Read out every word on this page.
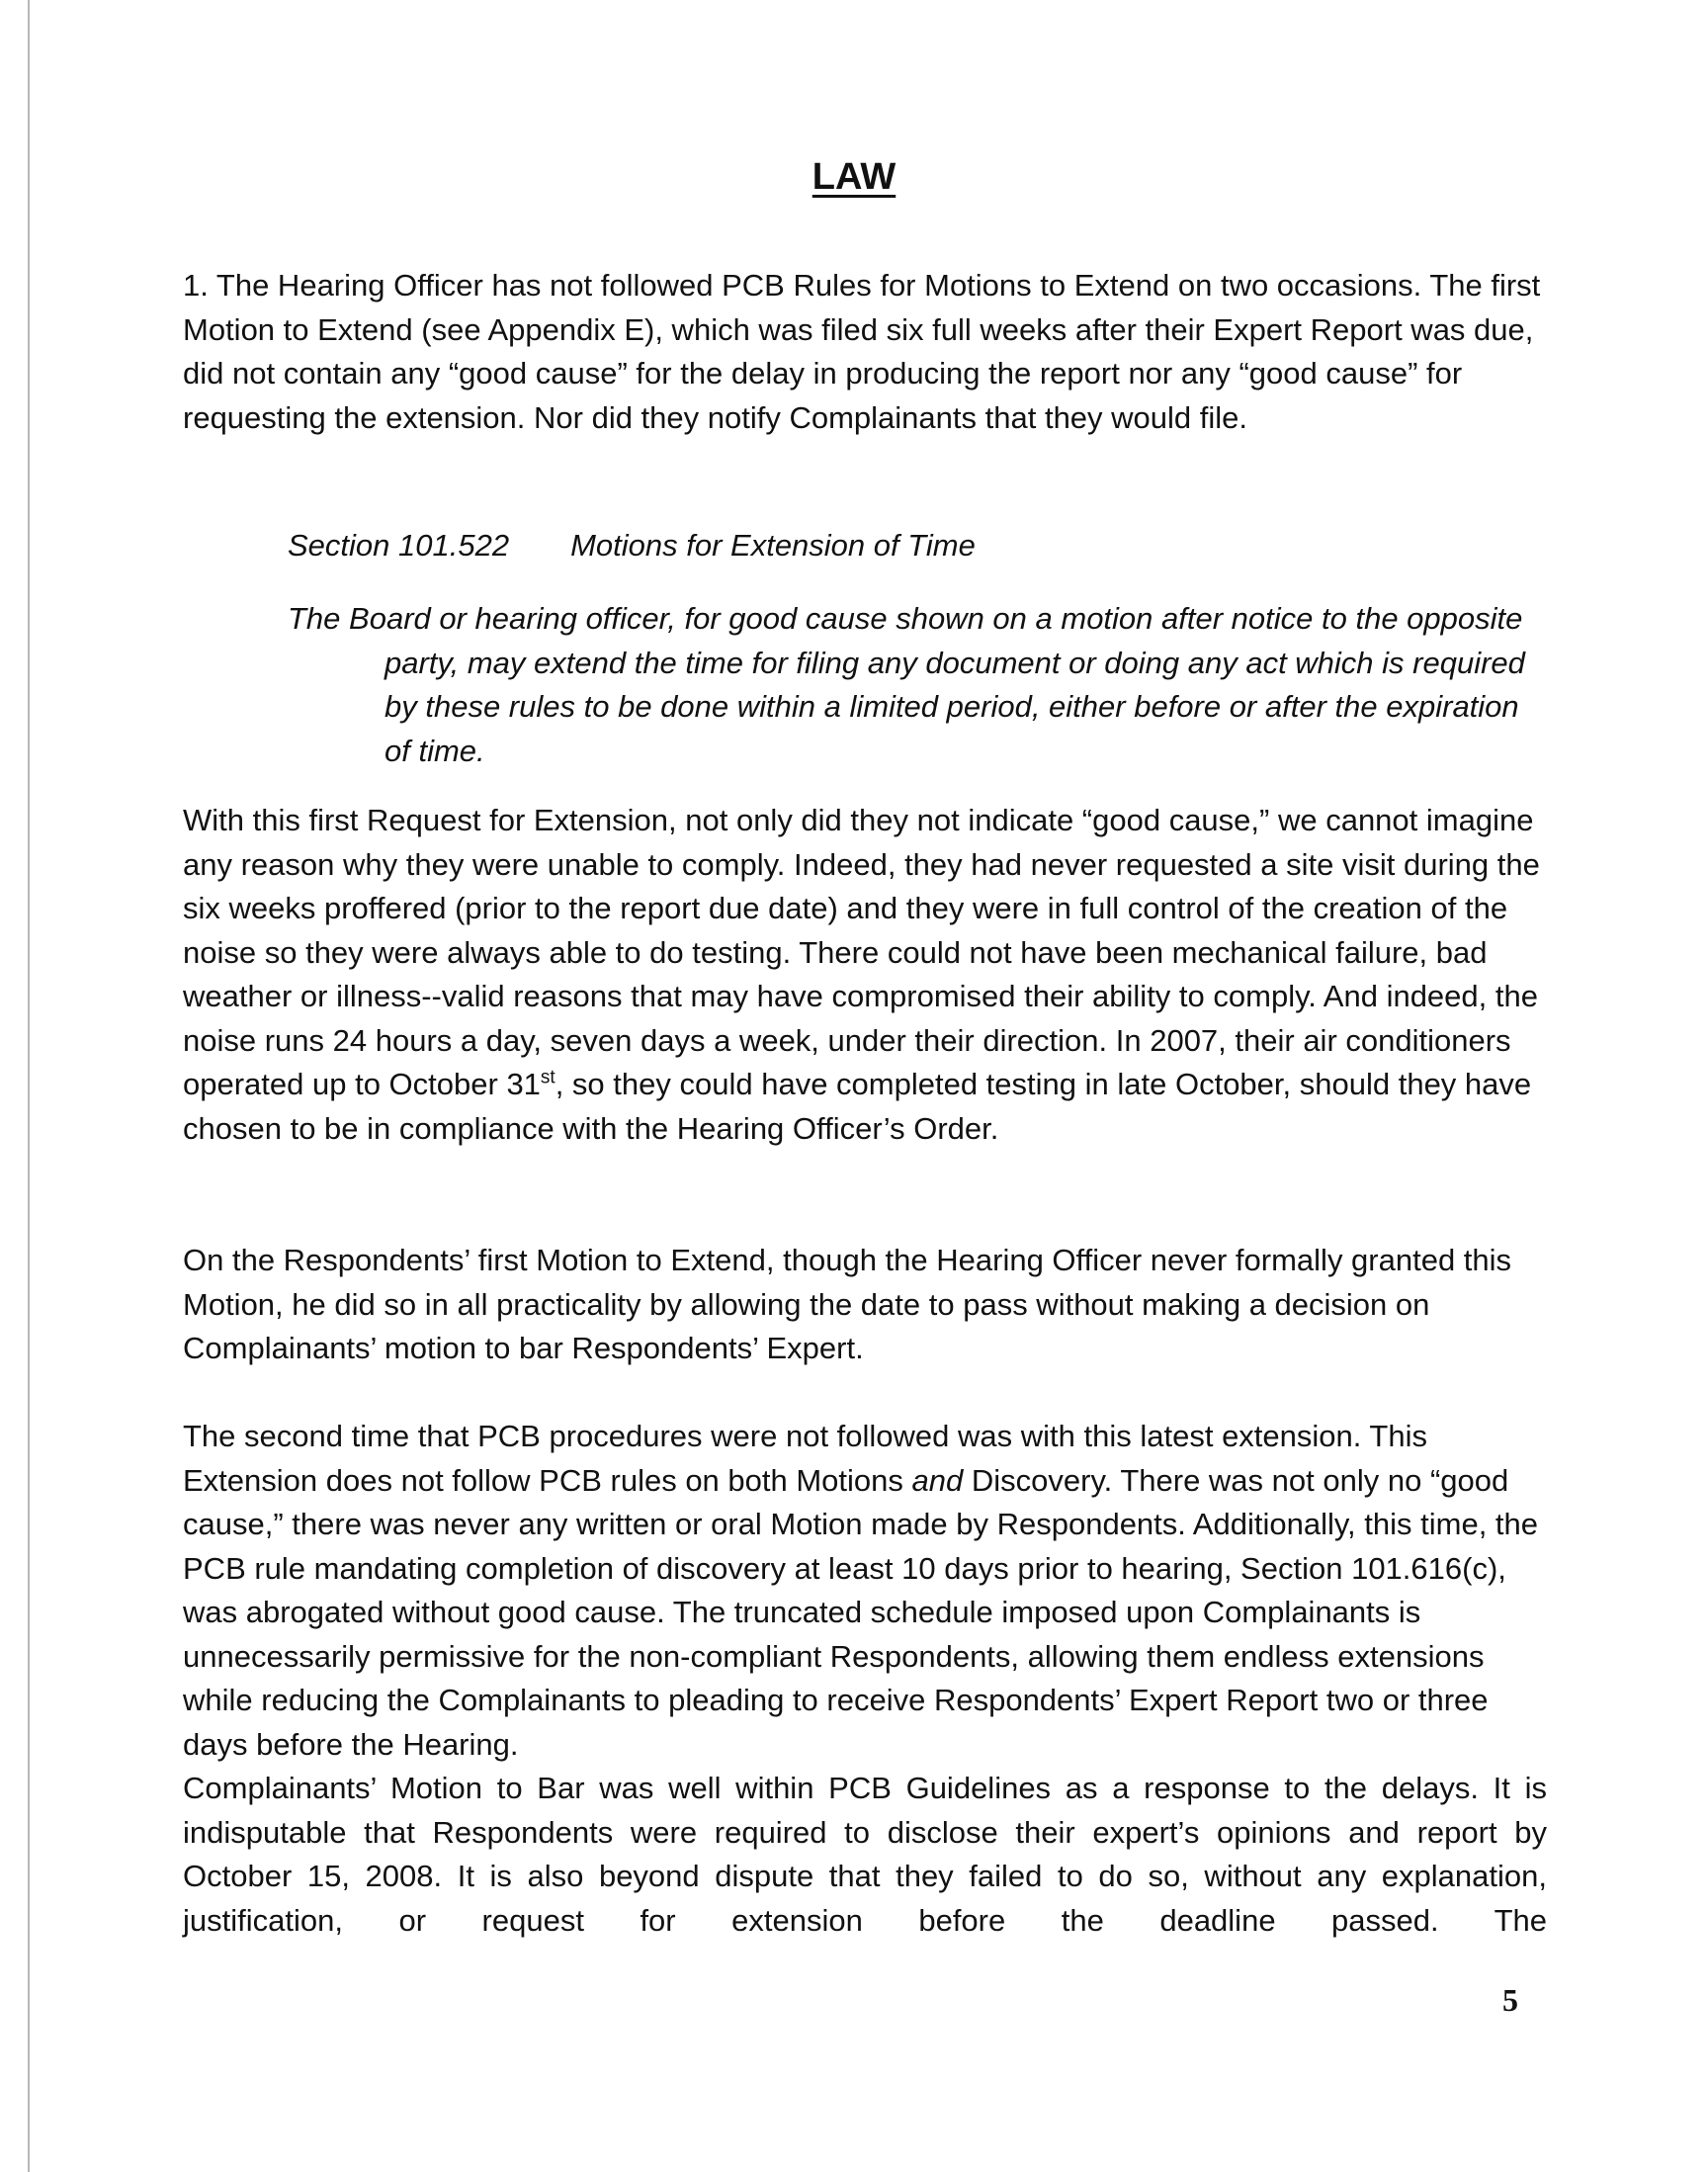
LAW

1. The Hearing Officer has not followed PCB Rules for Motions to Extend on two occasions. The first Motion to Extend (see Appendix E), which was filed six full weeks after their Expert Report was due, did not contain any “good cause” for the delay in producing the report nor any “good cause” for requesting the extension. Nor did they notify Complainants that they would file.

Section 101.522 Motions for Extension of Time

The Board or hearing officer, for good cause shown on a motion after notice to the opposite party, may extend the time for filing any document or doing any act which is required by these rules to be done within a limited period, either before or after the expiration of time.

With this first Request for Extension, not only did they not indicate “good cause,” we cannot imagine any reason why they were unable to comply. Indeed, they had never requested a site visit during the six weeks proffered (prior to the report due date) and they were in full control of the creation of the noise so they were always able to do testing. There could not have been mechanical failure, bad weather or illness--valid reasons that may have compromised their ability to comply. And indeed, the noise runs 24 hours a day, seven days a week, under their direction. In 2007, their air conditioners operated up to October 31st, so they could have completed testing in late October, should they have chosen to be in compliance with the Hearing Officer’s Order.

On the Respondents’ first Motion to Extend, though the Hearing Officer never formally granted this Motion, he did so in all practicality by allowing the date to pass without making a decision on Complainants’ motion to bar Respondents’ Expert.

The second time that PCB procedures were not followed was with this latest extension. This Extension does not follow PCB rules on both Motions and Discovery. There was not only no “good cause,” there was never any written or oral Motion made by Respondents. Additionally, this time, the PCB rule mandating completion of discovery at least 10 days prior to hearing, Section 101.616(c), was abrogated without good cause. The truncated schedule imposed upon Complainants is unnecessarily permissive for the non-compliant Respondents, allowing them endless extensions while reducing the Complainants to pleading to receive Respondents’ Expert Report two or three days before the Hearing.

Complainants’ Motion to Bar was well within PCB Guidelines as a response to the delays. It is indisputable that Respondents were required to disclose their expert’s opinions and report by October 15, 2008. It is also beyond dispute that they failed to do so, without any explanation, justification, or request for extension before the deadline passed. The

5
